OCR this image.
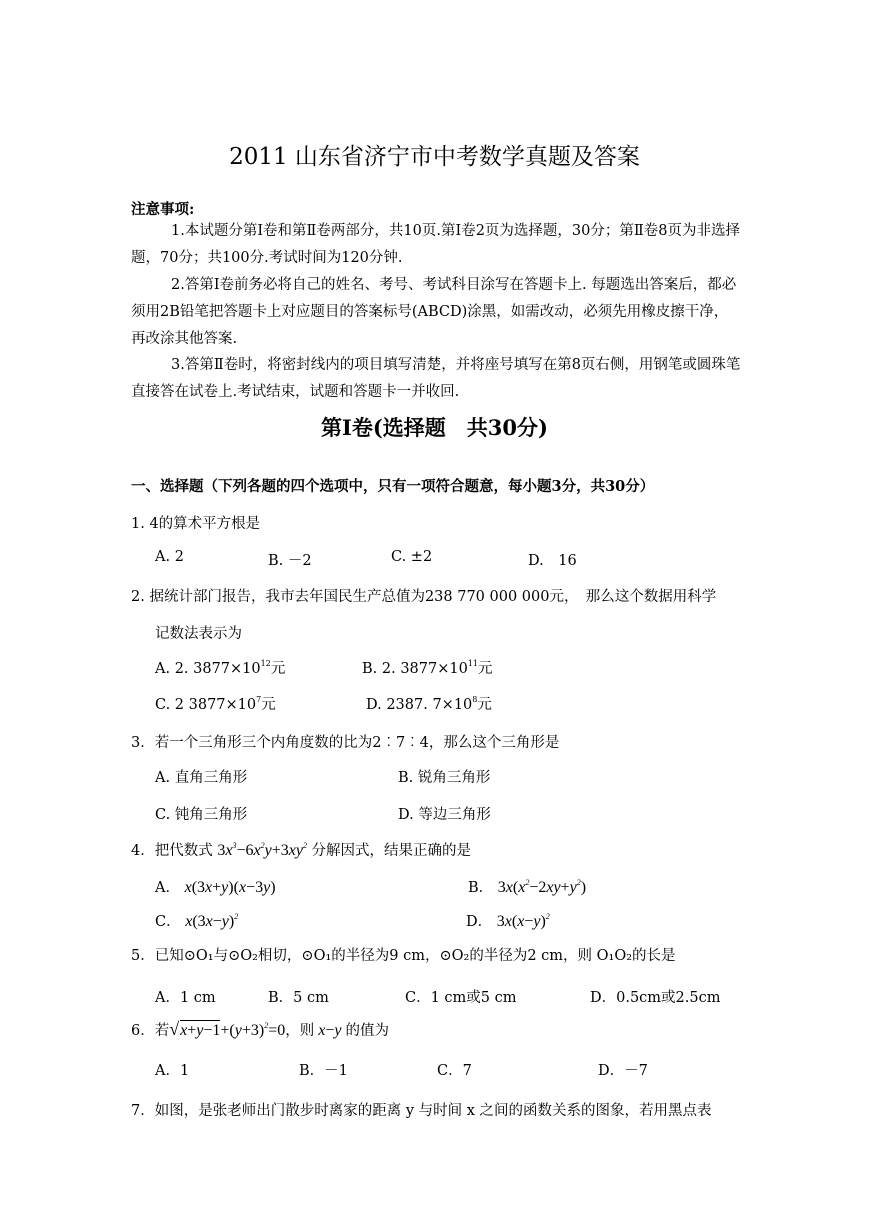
2011 山东省济宁市中考数学真题及答案
注意事项:
1.本试题分第Ⅰ卷和第Ⅱ卷两部分，共10页.第Ⅰ卷2页为选择题，30分；第Ⅱ卷8页为非选择题，70分；共100分.考试时间为120分钟.
2.答第Ⅰ卷前务必将自己的姓名、考号、考试科目涂写在答题卡上. 每题选出答案后，都必须用2B铅笔把答题卡上对应题目的答案标号(ABCD)涂黑，如需改动，必须先用橡皮擦干净，再改涂其他答案.
3.答第Ⅱ卷时，将密封线内的项目填写清楚，并将座号填写在第8页右侧，用钢笔或圆珠笔直接答在试卷上.考试结束，试题和答题卡一并收回.
第Ⅰ卷(选择题　共30分)
一、选择题（下列各题的四个选项中，只有一项符合题意，每小题3分，共30分）
1. 4的算术平方根是
A. 2	B. －2	C. ±2	D.　16
2. 据统计部门报告，我市去年国民生产总值为238 770 000 000元，　那么这个数据用科学
记数法表示为
A. 2. $3877\times 10^{12}$元	B. 2. $3877\times 10^{11}$元
C. 2 $3877\times 10^7$元	D. 2387. $7\times 10^8$元
3．若一个三角形三个内角度数的比为2︰7︰4，那么这个三角形是
A. 直角三角形	B. 锐角三角形
C. 钝角三角形	D. 等边三角形
4．把代数式 $3x^3-6x^2y+3xy^2$ 分解因式，结果正确的是
A． x(3x+y)(x−3y)	B． $3x(x^2-2xy+y^2)$
C． $x(3x-y)^2$	D． $3x(x-y)^2$
5．已知⊙O₁与⊙O₂相切，⊙O₁的半径为9 cm，⊙O₂的半径为2 cm，则 O₁O₂的长是
A．1 cm	B．5 cm	C．1 cm或5 cm	D．0.5cm或2.5cm
6．若$√x+y-1+(y+3)^2=0$，则 x−y 的值为
A．1	B．－1	C．7	D．－7
7．如图，是张老师出门散步时离家的距离 y 与时间 x 之间的函数关系的图象，若用黑点表
